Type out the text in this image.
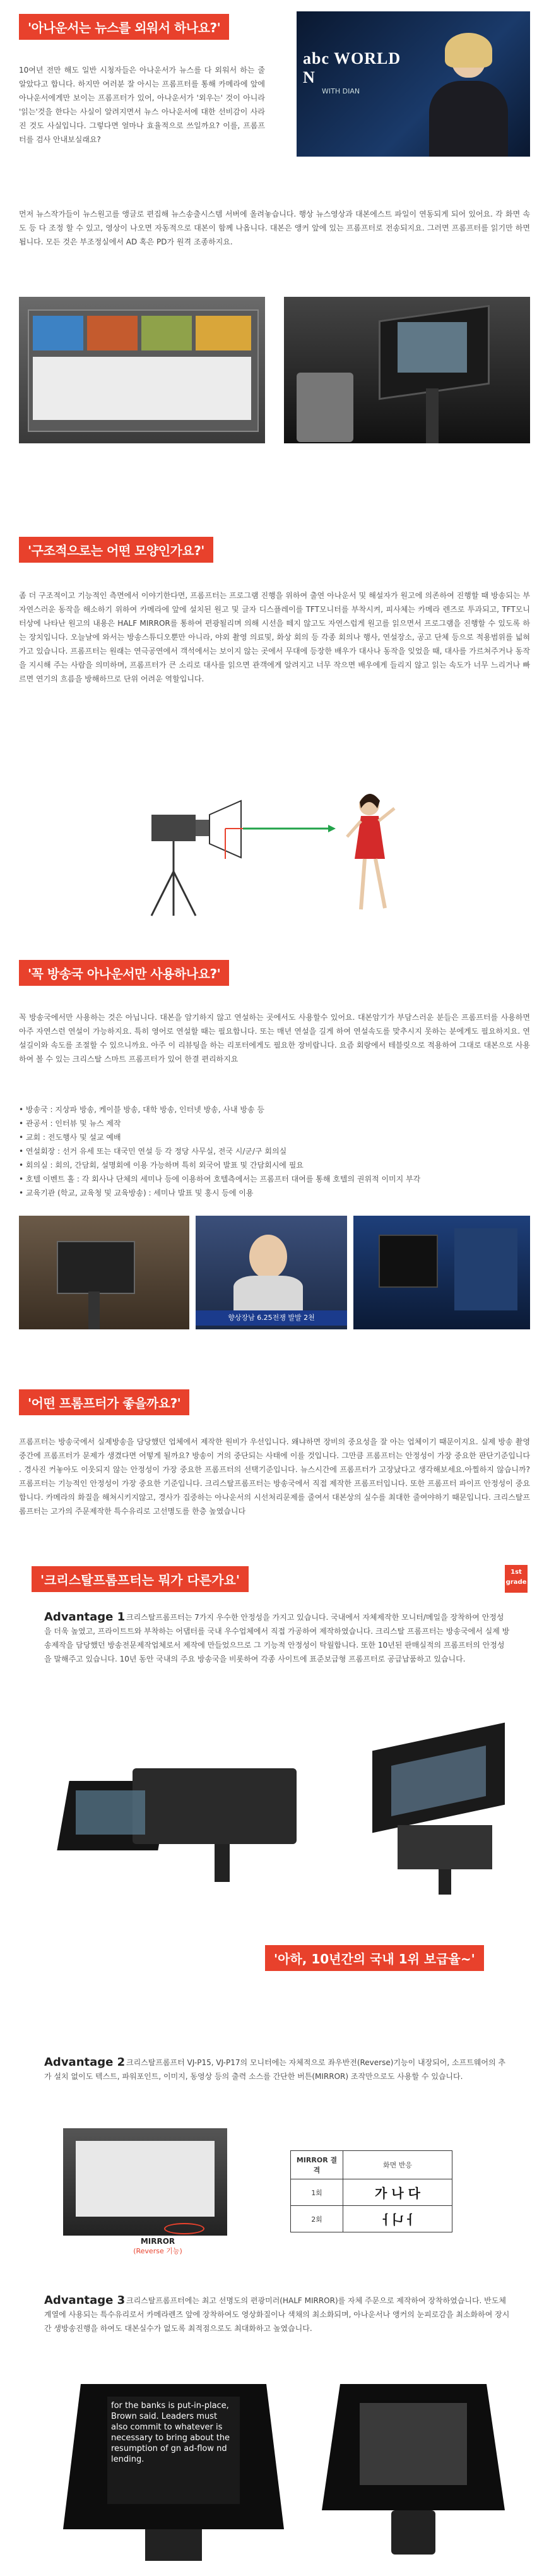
'아나운서는 뉴스를 외워서 하나요?'
10여년 전만 해도 일반 시청자들은 아나운서가 뉴스를 다 외워서 하는 줄 알았다고 합니다. 하지만 여러분 잘 아시는 프롬프터를 통해 카메라에 앞에 아나운서에게만 보이는 프롬프터가 있어, 아나운서가 '외우는' 것이 아니라 '읽는'것을 한다는 사실이 알려지면서 뉴스 아나운서에 대한 선비감이 사라진 것도 사실입니다. 그렇다면 얼마나 효율적으로 쓰일까요? 이를, 프롬프터를 검사 안내보실래요?
abc WORLD N
WITH DIAN
먼저 뉴스작가들이 뉴스원고를 앵글로 편집해 뉴스송출시스템 서버에 올려놓습니다. 행상 뉴스영상과 대본에스트 파일이 연동되게 되어 있어요. 각 화면 속도 등 다 조정 할 수 있고, 영상이 나오면 자동적으로 대본이 함께 나옵니다. 대본은 앵커 앞에 있는 프롬프터로 전송되지요. 그러면 프롬프터를 읽기만 하면 됩니다. 모든 것은 부조정실에서 AD 혹은 PD가 원격 조종하지요.
'구조적으로는 어떤 모양인가요?'
좀 더 구조적이고 기능적인 측면에서 이야기한다면, 프롬프터는 프로그램 진행을 위하여 출연 아나운서 및 해설자가 원고에 의존하여 진행할 때 방송되는 부자연스러운 동작을 해소하기 위하여 카메라에 앞에 설치된 원고 및 글자 디스플레이를 TFT모니터를 부착시켜, 피사체는 카메라 렌즈로 투과되고, TFT모니터상에 나타난 원고의 내용은 HALF MIRROR를 통하여 편광될리며 의해 시선을 떼지 않고도 자연스럽게 원고를 읽으면서 프로그램을 진행할 수 있도록 하는 장치입니다. 오늘날에 와서는 방송스튜디오뿐만 아니라, 야외 촬영 의료및, 화상 회의 등 각종 회의나 행사, 연설장소, 공고 단체 등으로 적용범위를 넓혀가고 있습니다. 프롬프터는 원래는 연극공연에서 객석에서는 보이지 않는 곳에서 무대에 등장한 배우가 대사나 동작을 잊었을 때, 대사를 가르쳐주거나 동작을 지시해 주는 사람을 의미하며, 프롬프터가 큰 소리로 대사를 읽으면 관객에게 알려지고 너무 작으면 배우에게 들리지 않고 읽는 속도가 너무 느리거나 빠르면 연기의 흐름을 방해하므로 단위 어려운 역할입니다.
'꼭 방송국 아나운서만 사용하나요?'
꼭 방송국에서만 사용하는 것은 아닙니다. 대본을 암기하지 않고 연설하는 곳에서도 사용할수 있어요. 대본암기가 부담스러운 분들은 프롬프터를 사용하면 아주 자연스런 연설이 가능하지요. 특히 영어로 연설할 때는 필요합니다. 또는 매년 연설을 길게 하여 연설속도를 맞추시지 못하는 분에게도 필요하지요. 연설길이와 속도를 조절할 수 있으니까요. 아주 이 리뷰팅을 하는 리포터에게도 필요한 장비랍니다. 요즘 회랑에서 테블릿으로 적용하여 그대로 대본으로 사용하여 볼 수 있는 크리스탈 스마트 프롬프터가 있어 한결 편리하지요
• 방송국 : 지상파 방송, 케이블 방송, 대학 방송, 인터넷 방송, 사내 방송 등
• 관공서 : 인터뷰 및 뉴스 제작
• 교회 : 전도행사 및 설교 예배
• 연설회장 : 선거 유세 또는 대국민 연설 등 각 정당 사무실, 전국 시/군/구 회의실
• 회의실 : 회의, 간담회, 설명회에 이용 가능하며 특히 외국어 발표 및 간담회시에 필요
• 호텔 이벤트 홀 : 각 회사나 단체의 세미나 등에 이용하여 호텔측에서는 프롬프터 대여를 통해 호텔의 권위적 이미지 부각
• 교육기관 (학교, 교육청 및 교육방송) : 세미나 발표 및 홍시 등에 이용
향상장남 6.25전쟁 발발 2천
'어떤 프롬프터가 좋을까요?'
프롬프터는 방송국에서 실제방송을 담당했던 업체에서 제작한 원비가 우선입니다. 왜냐하면 장비의 중요성을 잘 아는 업체이기 때문이지요. 실제 방송 촬영 중간에 프롬프터가 문제가 생겼다면 어떻게 될까요? 방송이 거의 중단되는 사태에 이를 것입니다. 그만큼 프롬프터는 안정성이 가장 중요한 판단기준입니다 . 경사진 커놓아도 이웃되지 않는 안정성이 가장 중요한 프롬프터의 선택기준입니다. 뉴스시간에 프롬프터가 고장났다고 생각해보세요.아찔하지 않습니까? 프롬프터는 기능적인 안정성이 가장 중요한 기준입니다. 크리스탈프롬프터는 방송국에서 직접 제작한 프롬프터입니다. 또한 프롬프터 파이프 안정성이 중요합니다. 카메라의 화질을 해쳐시키지않고, 경사가 집중하는 아나운서의 시선처리문제를 줄여서 대본상의 실수를 최대한 줄여야하기 때문입니다. 크리스탈프롬프터는 고가의 주문제작한 특수유리로 고선명도를 한층 높였습니다
'크리스탈프롬프터는 뭐가 다른가요'
1st
grade
Advantage 1 크리스탈프롬프터는 7가지 우수한 안정성을 가지고 있습니다. 국내에서 자체제작한 모니터/메일을 장착하여 안정성을 더욱 높였고, 프라이트트와 부착하는 어댑터를 국내 우수업체에서 직접 가공하여 제작하였습니다. 크리스탈 프롬프터는 방송국에서 실제 방송제작을 담당했던 방송전문제작업체로서 제작에 만들었으므로 그 기능적 안정성이 탁월합니다. 또한 10년된 판매실적의 프롬프터의 안정성을 말해주고 있습니다. 10년 동안 국내의 주요 방송국을 비롯하여 각종 사이트에 표준보급형 프롬프터로 공급납품하고 있습니다.
'아하, 10년간의 국내 1위 보급율~'
Advantage 2 크리스탈프롬프터 VJ-P15, VJ-P17의 모니터에는 자체적으로 좌우반전(Reverse)기능이 내장되어, 소프트웨어의 추가 설치 없이도 텍스트, 파워포인트, 이미지, 동영상 등의 출력 소스를 간단한 버튼(MIRROR) 조작만으로도 사용할 수 있습니다.
MIRROR
(Reverse 기능)
MIRROR 결격	화면 반응
1회	가 나 다
2회	ㅏ니ㅏ
Advantage 3 크리스탈프롬프터에는 최고 선명도의 편광미러(HALF MIRROR)를 자체 주문으로 제작하여 장착하였습니다. 반도체계열에 사용되는 특수유리로서 카메라렌즈 앞에 장착하여도 영상화질이나 색채의 최소화되며, 아나운서나 앵커의 눈피로감을 최소화하여 장시간 생방송진행을 하여도 대본실수가 없도록 최적점으로도 최대화하고 높였습니다.
for the banks is put-in-place, Brown said. Leaders must also commit to whatever is necessary to bring about the resumption of gn ad-flow nd lending.
